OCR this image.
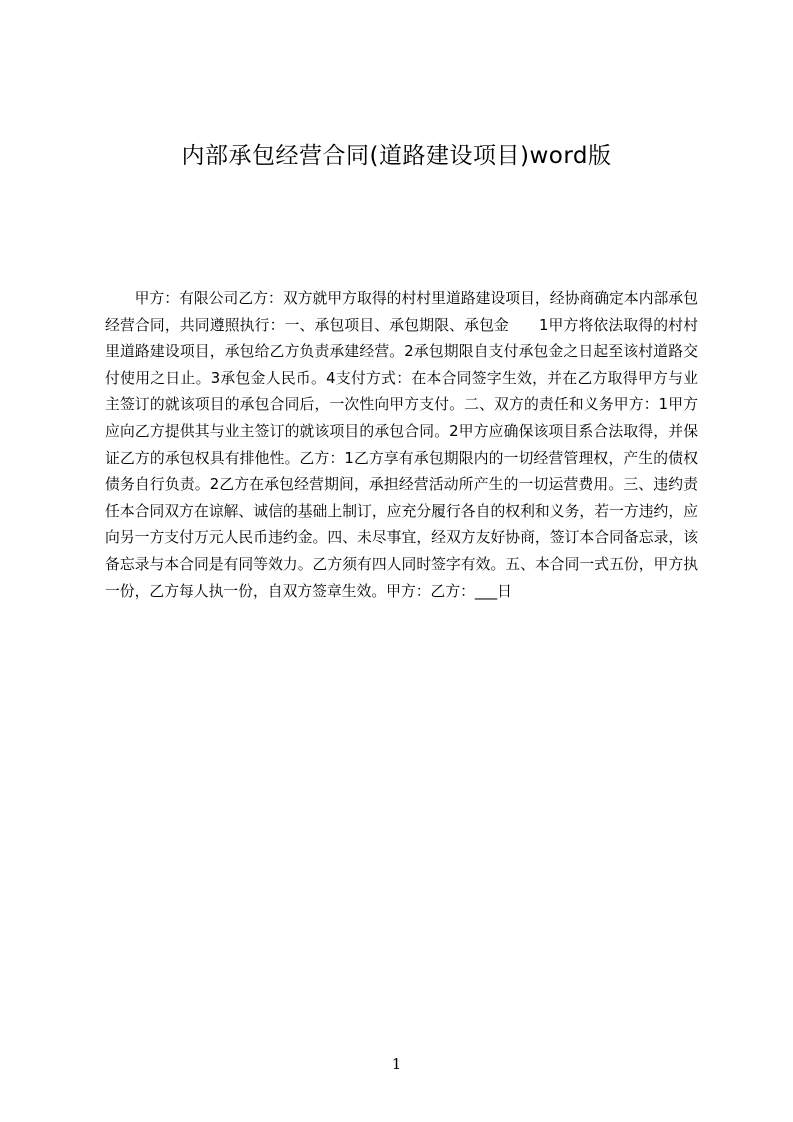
内部承包经营合同(道路建设项目)word版
甲方：有限公司乙方：双方就甲方取得的村村里道路建设项目，经协商确定本内部承包经营合同，共同遵照执行：一、承包项目、承包期限、承包金　　1甲方将依法取得的村村里道路建设项目，承包给乙方负责承建经营。2承包期限自支付承包金之日起至该村道路交付使用之日止。3承包金人民币。4支付方式：在本合同签字生效，并在乙方取得甲方与业主签订的就该项目的承包合同后，一次性向甲方支付。二、双方的责任和义务甲方：1甲方应向乙方提供其与业主签订的就该项目的承包合同。2甲方应确保该项目系合法取得，并保证乙方的承包权具有排他性。乙方：1乙方享有承包期限内的一切经营管理权，产生的债权债务自行负责。2乙方在承包经营期间，承担经营活动所产生的一切运营费用。三、违约责任本合同双方在谅解、诚信的基础上制订，应充分履行各自的权利和义务，若一方违约，应向另一方支付万元人民币违约金。四、未尽事宜，经双方友好协商，签订本合同备忘录，该备忘录与本合同是有同等效力。乙方须有四人同时签字有效。五、本合同一式五份，甲方执一份，乙方每人执一份，自双方签章生效。甲方：乙方：___日
1
